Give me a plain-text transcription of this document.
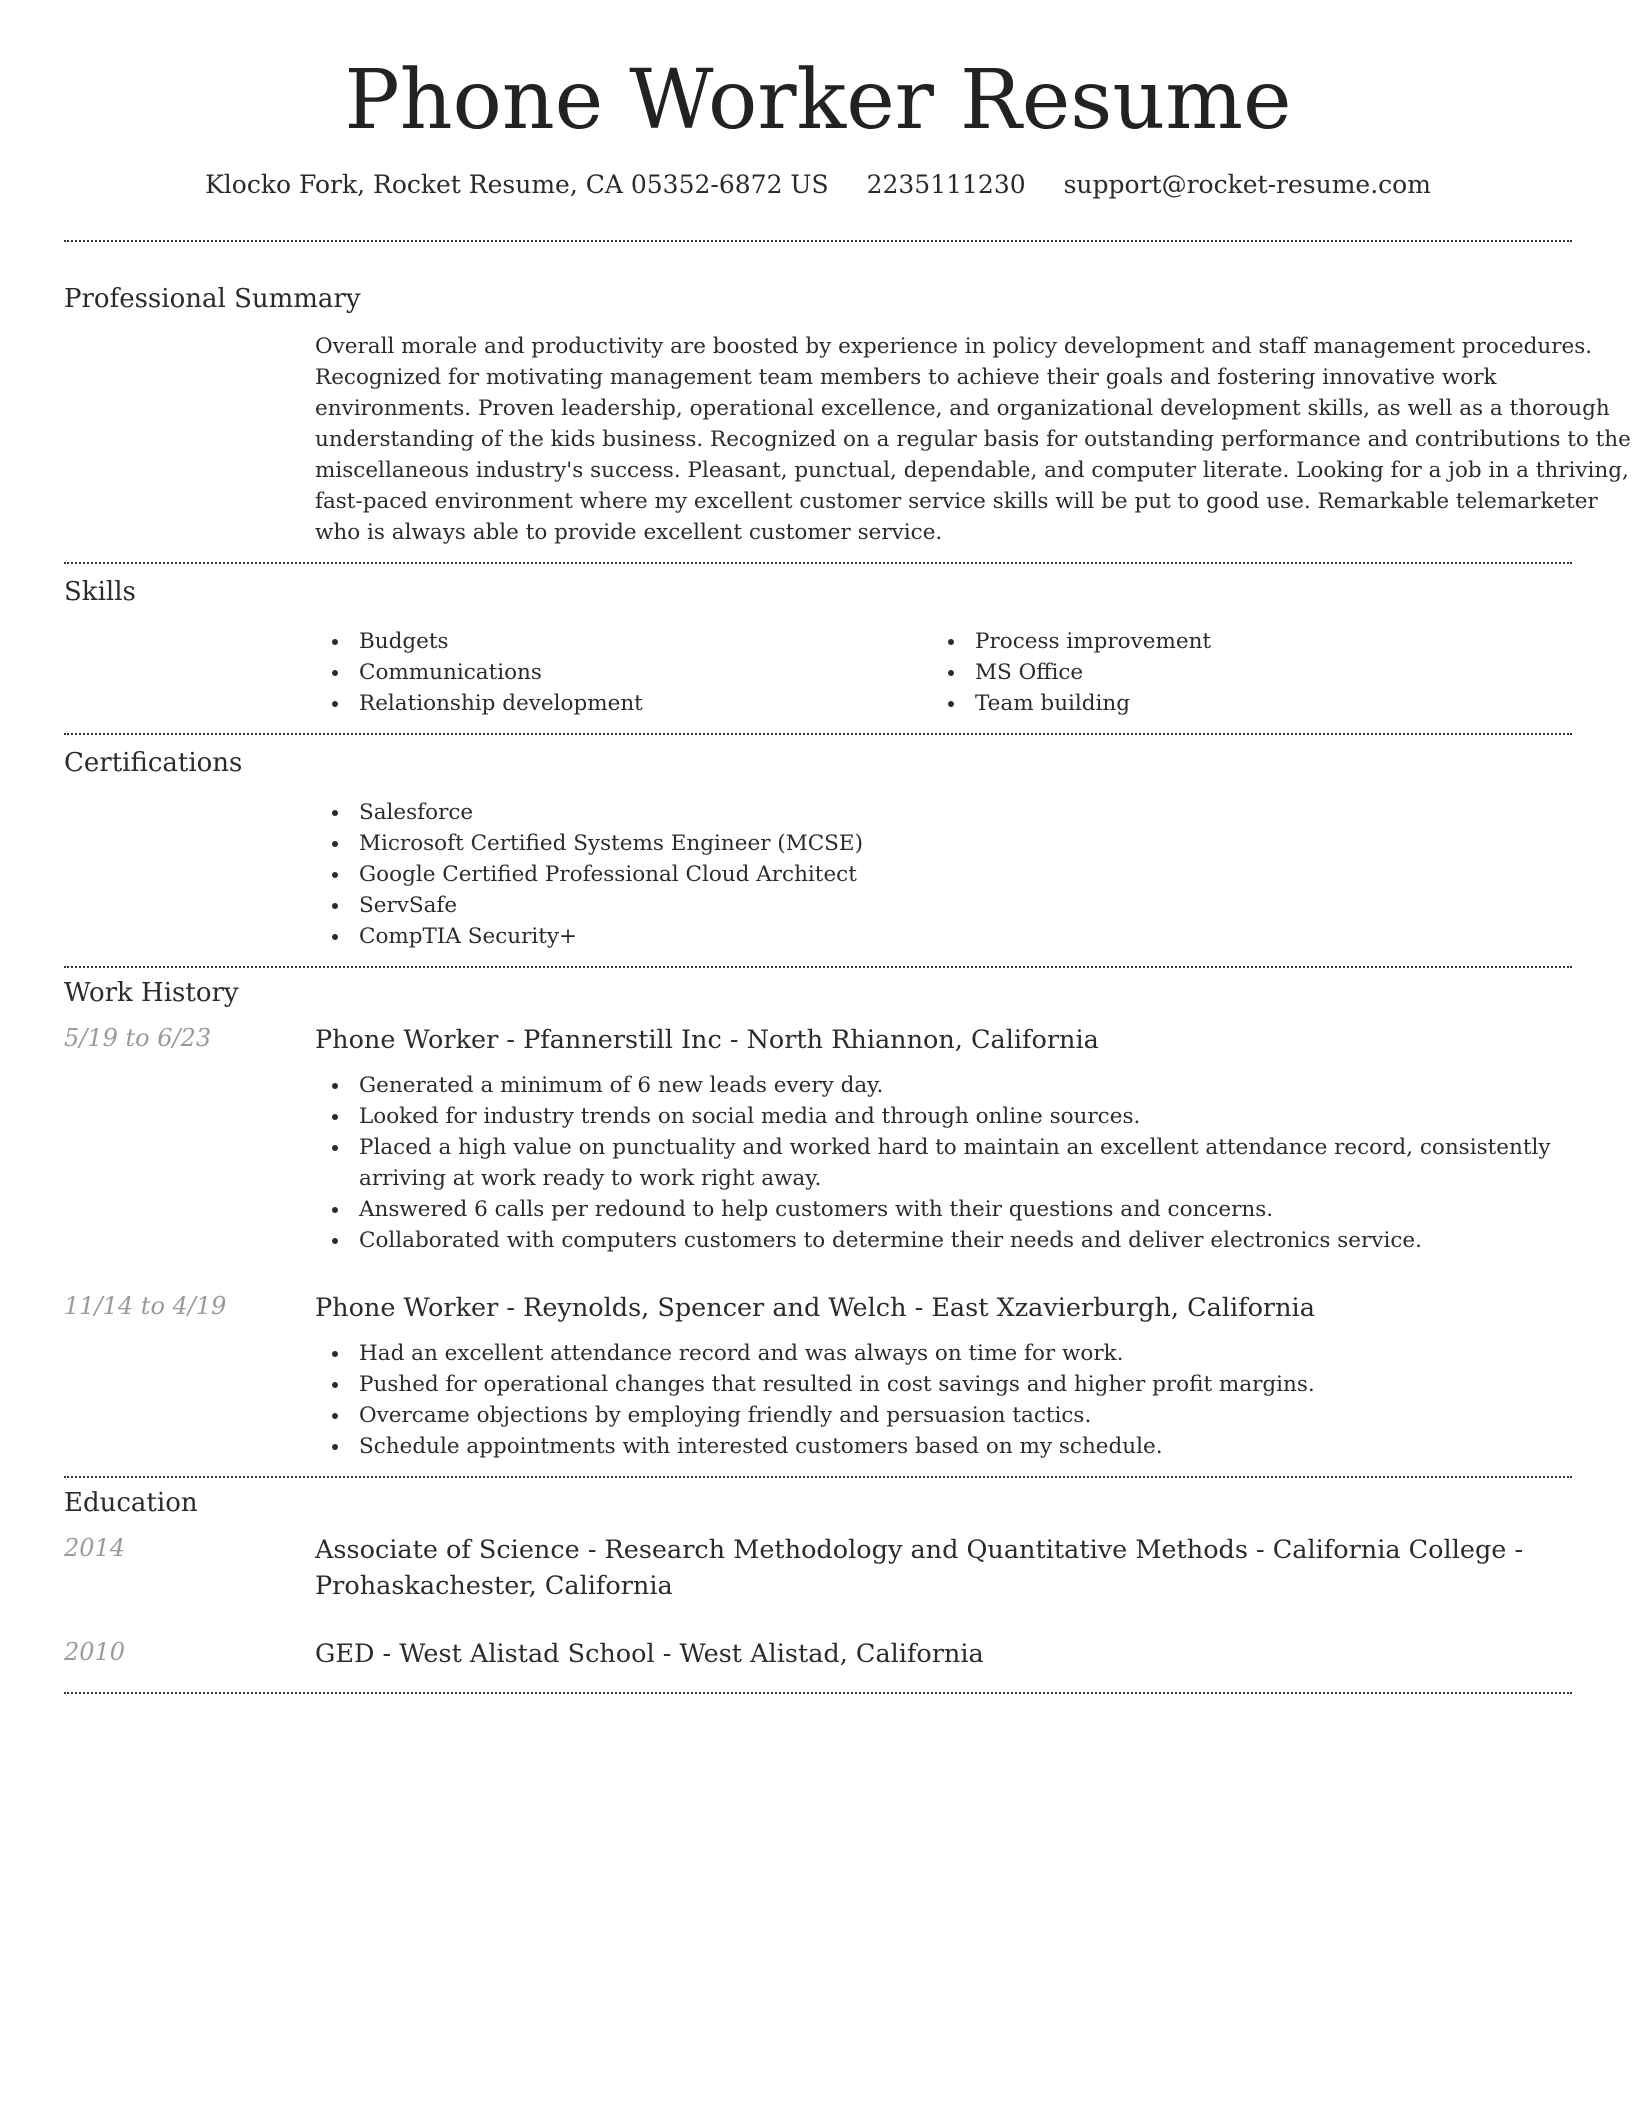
Phone Worker Resume
Klocko Fork, Rocket Resume, CA 05352-6872 US 2235111230 support@rocket-resume.com
Professional Summary

Overall morale and productivity are boosted by experience in policy development and staff management procedures. Recognized for motivating management team members to achieve their goals and fostering innovative work environments. Proven leadership, operational excellence, and organizational development skills, as well as a thorough understanding of the kids business. Recognized on a regular basis for outstanding performance and contributions to the miscellaneous industry's success. Pleasant, punctual, dependable, and computer literate. Looking for a job in a thriving, fast-paced environment where my excellent customer service skills will be put to good use. Remarkable telemarketer who is always able to provide excellent customer service.

Skills
Budgets
Communications
Relationship development
Process improvement
MS Office
Team building
Certifications
Salesforce
Microsoft Certified Systems Engineer (MCSE)
Google Certified Professional Cloud Architect
ServSafe
CompTIA Security+
Work History
5/19 to 6/23	Phone Worker - Pfannerstill Inc - North Rhiannon, California
Generated a minimum of 6 new leads every day.
Looked for industry trends on social media and through online sources.
Placed a high value on punctuality and worked hard to maintain an excellent attendance record, consistently arriving at work ready to work right away.
Answered 6 calls per redound to help customers with their questions and concerns.
Collaborated with computers customers to determine their needs and deliver electronics service.
11/14 to 4/19	Phone Worker - Reynolds, Spencer and Welch - East Xzavierburgh, California
Had an excellent attendance record and was always on time for work.
Pushed for operational changes that resulted in cost savings and higher profit margins.
Overcame objections by employing friendly and persuasion tactics.
Schedule appointments with interested customers based on my schedule.
Education
2014	Associate of Science - Research Methodology and Quantitative Methods - California College - Prohaskachester, California
2010	GED - West Alistad School - West Alistad, California
